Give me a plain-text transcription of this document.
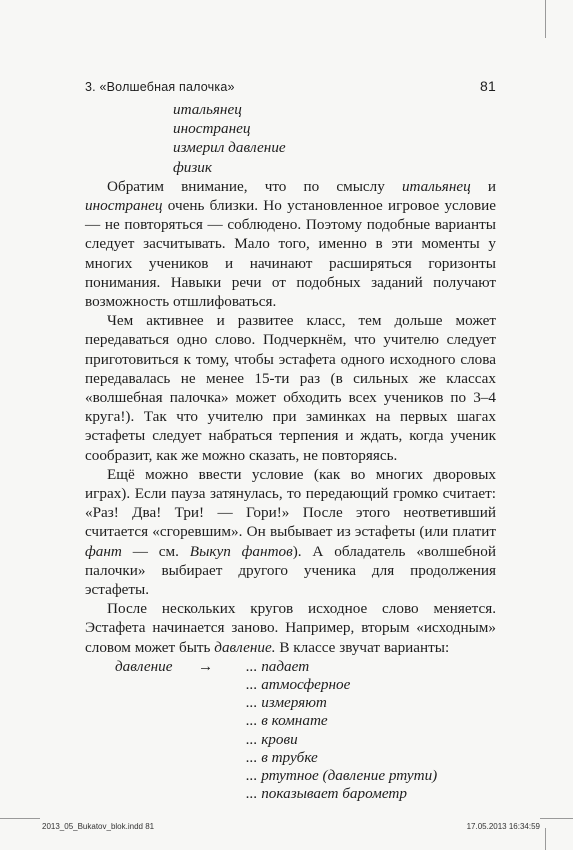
3. «Волшебная палочка»	81
итальянец
иностранец
измерил давление
физик

Обратим внимание, что по смыслу итальянец и иностранец очень близки. Но установленное игровое условие — не повторяться — соблюдено. Поэтому подобные варианты следует засчитывать. Мало того, именно в эти моменты у многих учеников и начинают расширяться горизонты понимания. Навыки речи от подобных заданий получают возможность отшлифоваться.

Чем активнее и развитее класс, тем дольше может передаваться одно слово. Подчеркнём, что учителю следует приготовиться к тому, чтобы эстафета одного исходного слова передавалась не менее 15-ти раз (в сильных же классах «волшебная палочка» может обходить всех учеников по 3–4 круга!). Так что учителю при заминках на первых шагах эстафеты следует набраться терпения и ждать, когда ученик сообразит, как же можно сказать, не повторяясь.

Ещё можно ввести условие (как во многих дворовых играх). Если пауза затянулась, то передающий громко считает: «Раз! Два! Три! — Гори!» После этого неответивший считается «сгоревшим». Он выбывает из эстафеты (или платит фант — см. Выкуп фантов). А обладатель «волшебной палочки» выбирает другого ученика для продолжения эстафеты.

После нескольких кругов исходное слово меняется. Эстафета начинается заново. Например, вторым «исходным» словом может быть давление. В классе звучат варианты:

давление → ... падает
... атмосферное
... измеряют
... в комнате
... крови
... в трубке
... ртутное (давление ртути)
... показывает барометр
2013_05_Bukatov_blok.indd 81	17.05.2013 16:34:59
